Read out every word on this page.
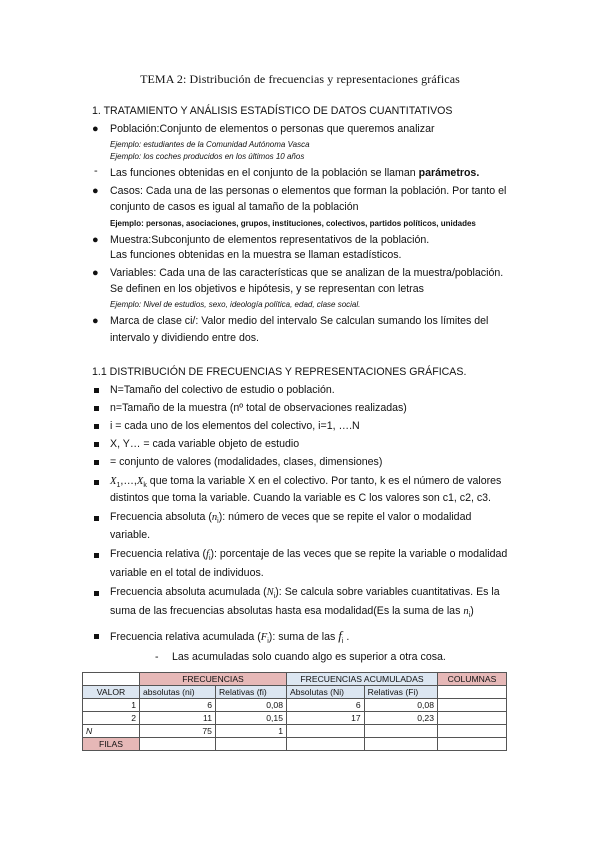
TEMA 2: Distribución de frecuencias y representaciones gráficas
1. TRATAMIENTO Y ANÁLISIS ESTADÍSTICO DE DATOS CUANTITATIVOS
● Población:Conjunto de elementos o personas que queremos analizar
Ejemplo: estudiantes de la Comunidad Autónoma Vasca
Ejemplo: los coches producidos en los últimos 10 años
- Las funciones obtenidas en el conjunto de la población se llaman parámetros.
● Casos: Cada una de las personas o elementos que forman la población. Por tanto el
conjunto de casos es igual al tamaño de la población
Ejemplo: personas, asociaciones, grupos, instituciones, colectivos, partidos políticos, unidades
● Muestra:Subconjunto de elementos representativos de la población.
Las funciones obtenidas en la muestra se llaman estadísticos.
● Variables: Cada una de las características que se analizan de la muestra/población.
Se definen en los objetivos e hipótesis, y se representan con letras
Ejemplo: Nivel de estudios, sexo, ideología política, edad, clase social.
● Marca de clase ci/: Valor medio del intervalo Se calculan sumando los límites del
intervalo y dividiendo entre dos.
1.1 DISTRIBUCIÓN DE FRECUENCIAS Y REPRESENTACIONES GRÁFICAS.
N=Tamaño del colectivo de estudio o población.
n=Tamaño de la muestra (nº total de observaciones realizadas)
i = cada uno de los elementos del colectivo, i=1, ….N
X, Y… = cada variable objeto de estudio
= conjunto de valores (modalidades, clases, dimensiones)
$X_1,\dots,X_k$ que toma la variable X en el colectivo. Por tanto, k es el número de valores
distintos que toma la variable. Cuando la variable es C los valores son c1, c2, c3.
Frecuencia absoluta $(n_i)$: número de veces que se repite el valor o modalidad
variable.
Frecuencia relativa $(f_i)$: porcentaje de las veces que se repite la variable o modalidad
variable en el total de individuos.
Frecuencia absoluta acumulada $(N_i)$: Se calcula sobre variables cuantitativas. Es la
suma de las frecuencias absolutas hasta esa modalidad(Es la suma de las $n_i$)
Frecuencia relativa acumulada $(F_i)$: suma de las $f_i$ .
- Las acumuladas solo cuando algo es superior a otra cosa.
	FRECUENCIAS		FRECUENCIAS ACUMULADAS		COLUMNAS
VALOR	absolutas (ni)	Relativas (fi)	Absolutas (Ni)	Relativas (Fi)	
1	6	0,08	6	0,08	
2	11	0,15	17	0,23	
N	75	1			
FILAS					
